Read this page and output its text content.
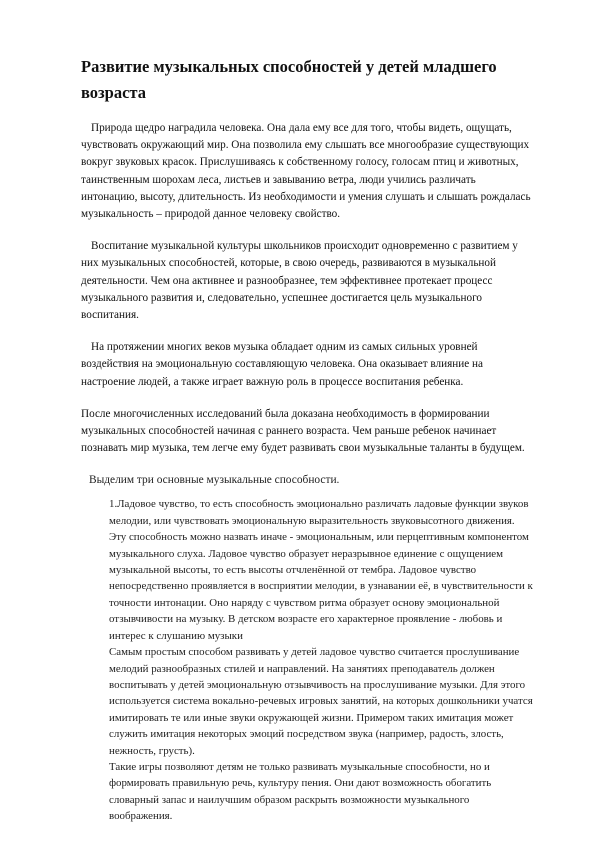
Развитие музыкальных способностей у детей младшего возраста

Природа щедро наградила человека. Она дала ему все для того, чтобы видеть, ощущать, чувствовать окружающий мир. Она позволила ему слышать все многообразие существующих вокруг звуковых красок. Прислушиваясь к собственному голосу, голосам птиц и животных, таинственным шорохам леса, листьев и завыванию ветра, люди учились различать интонацию, высоту, длительность. Из необходимости и умения слушать и слышать рождалась музыкальность – природой данное человеку свойство.

Воспитание музыкальной культуры школьников происходит одновременно с развитием у них музыкальных способностей, которые, в свою очередь, развиваются в музыкальной деятельности. Чем она активнее и разнообразнее, тем эффективнее протекает процесс музыкального развития и, следовательно, успешнее достигается цель музыкального воспитания.

На протяжении многих веков музыка обладает одним из самых сильных уровней воздействия на эмоциональную составляющую человека. Она оказывает влияние на настроение людей, а также играет важную роль в процессе воспитания ребенка.

После многочисленных исследований была доказана необходимость в формировании музыкальных способностей начиная с раннего возраста. Чем раньше ребенок начинает познавать мир музыка, тем легче ему будет развивать свои музыкальные таланты в будущем.

Выделим три основные музыкальные способности.

1.Ладовое чувство, то есть способность эмоционально различать ладовые функции звуков мелодии, или чувствовать эмоциональную выразительность звуковысотного движения. Эту способность можно назвать иначе - эмоциональным, или перцептивным компонентом музыкального слуха. Ладовое чувство образует неразрывное единение с ощущением музыкальной высоты, то есть высоты отчленённой от тембра. Ладовое чувство непосредственно проявляется в восприятии мелодии, в узнавании её, в чувствительности к точности интонации. Оно наряду с чувством ритма образует основу эмоциональной отзывчивости на музыку. В детском возрасте его характерное проявление - любовь и интерес к слушанию музыки

Самым простым способом развивать у детей ладовое чувство считается прослушивание мелодий разнообразных стилей и направлений. На занятиях преподаватель должен воспитывать у детей эмоциональную отзывчивость на прослушивание музыки. Для этого используется система вокально-речевых игровых занятий, на которых дошкольники учатся имитировать те или иные звуки окружающей жизни. Примером таких имитация может служить имитация некоторых эмоций посредством звука (например, радость, злость, нежность, грусть).

Такие игры позволяют детям не только развивать музыкальные способности, но и формировать правильную речь, культуру пения. Они дают возможность обогатить словарный запас и наилучшим образом раскрыть возможности музыкального воображения.
